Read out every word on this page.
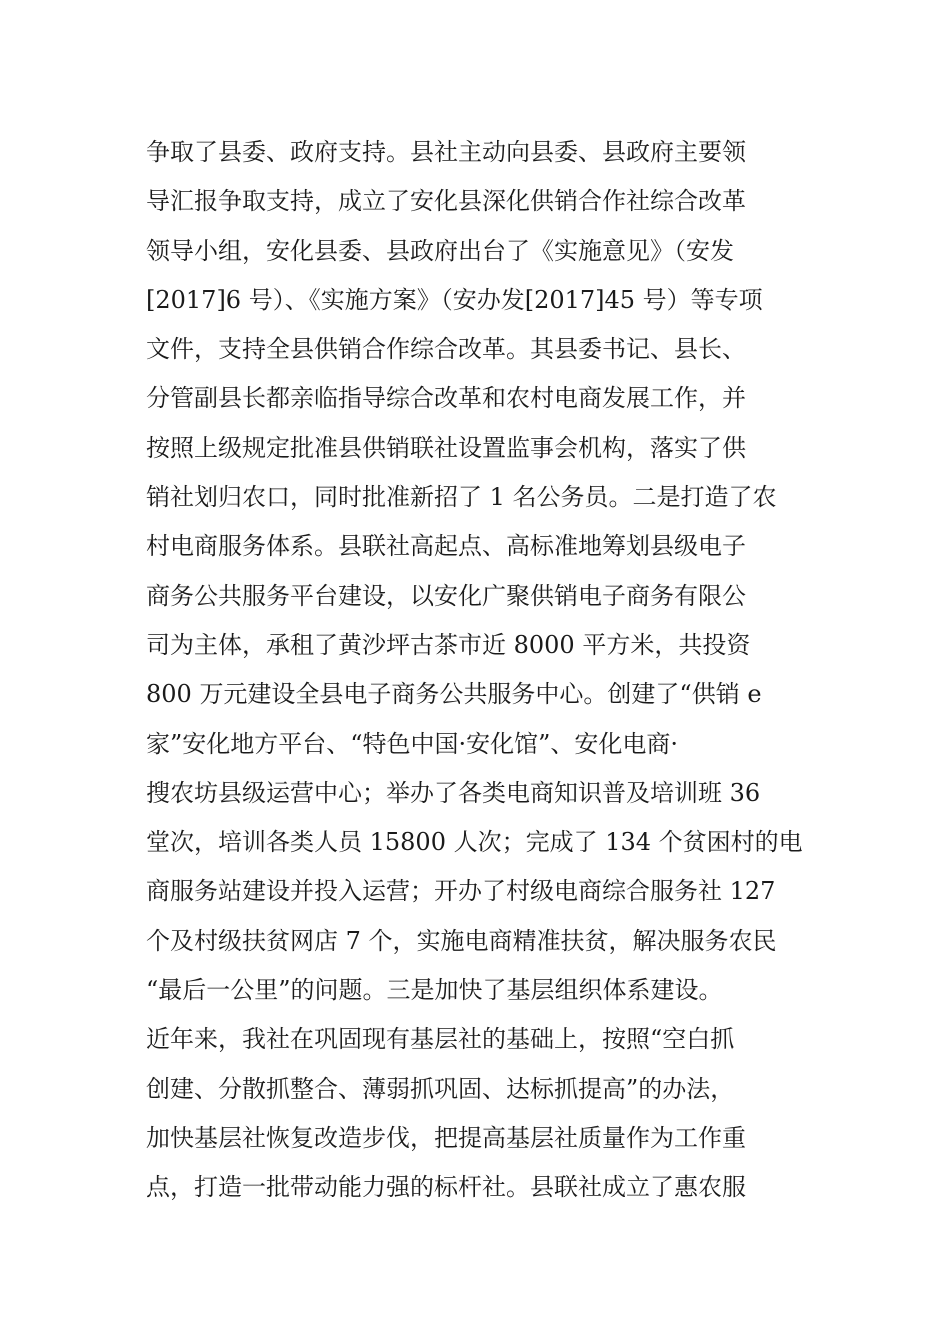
争取了县委、政府支持。县社主动向县委、县政府主要领
导汇报争取支持，成立了安化县深化供销合作社综合改革
领导小组，安化县委、县政府出台了《实施意见》（安发
[2017]6 号）、《实施方案》（安办发[2017]45 号）等专项
文件，支持全县供销合作综合改革。其县委书记、县长、
分管副县长都亲临指导综合改革和农村电商发展工作，并
按照上级规定批准县供销联社设置监事会机构，落实了供
销社划归农口，同时批准新招了 1 名公务员。二是打造了农
村电商服务体系。县联社高起点、高标准地筹划县级电子
商务公共服务平台建设，以安化广聚供销电子商务有限公
司为主体，承租了黄沙坪古茶市近 8000 平方米，共投资
800 万元建设全县电子商务公共服务中心。创建了“供销 e
家”安化地方平台、“特色中国·安化馆”、安化电商·
搜农坊县级运营中心；举办了各类电商知识普及培训班 36
堂次，培训各类人员 15800 人次；完成了 134 个贫困村的电
商服务站建设并投入运营；开办了村级电商综合服务社 127
个及村级扶贫网店 7 个，实施电商精准扶贫，解决服务农民
“最后一公里”的问题。三是加快了基层组织体系建设。
近年来，我社在巩固现有基层社的基础上，按照“空白抓
创建、分散抓整合、薄弱抓巩固、达标抓提高”的办法，
加快基层社恢复改造步伐，把提高基层社质量作为工作重
点，打造一批带动能力强的标杆社。县联社成立了惠农服
